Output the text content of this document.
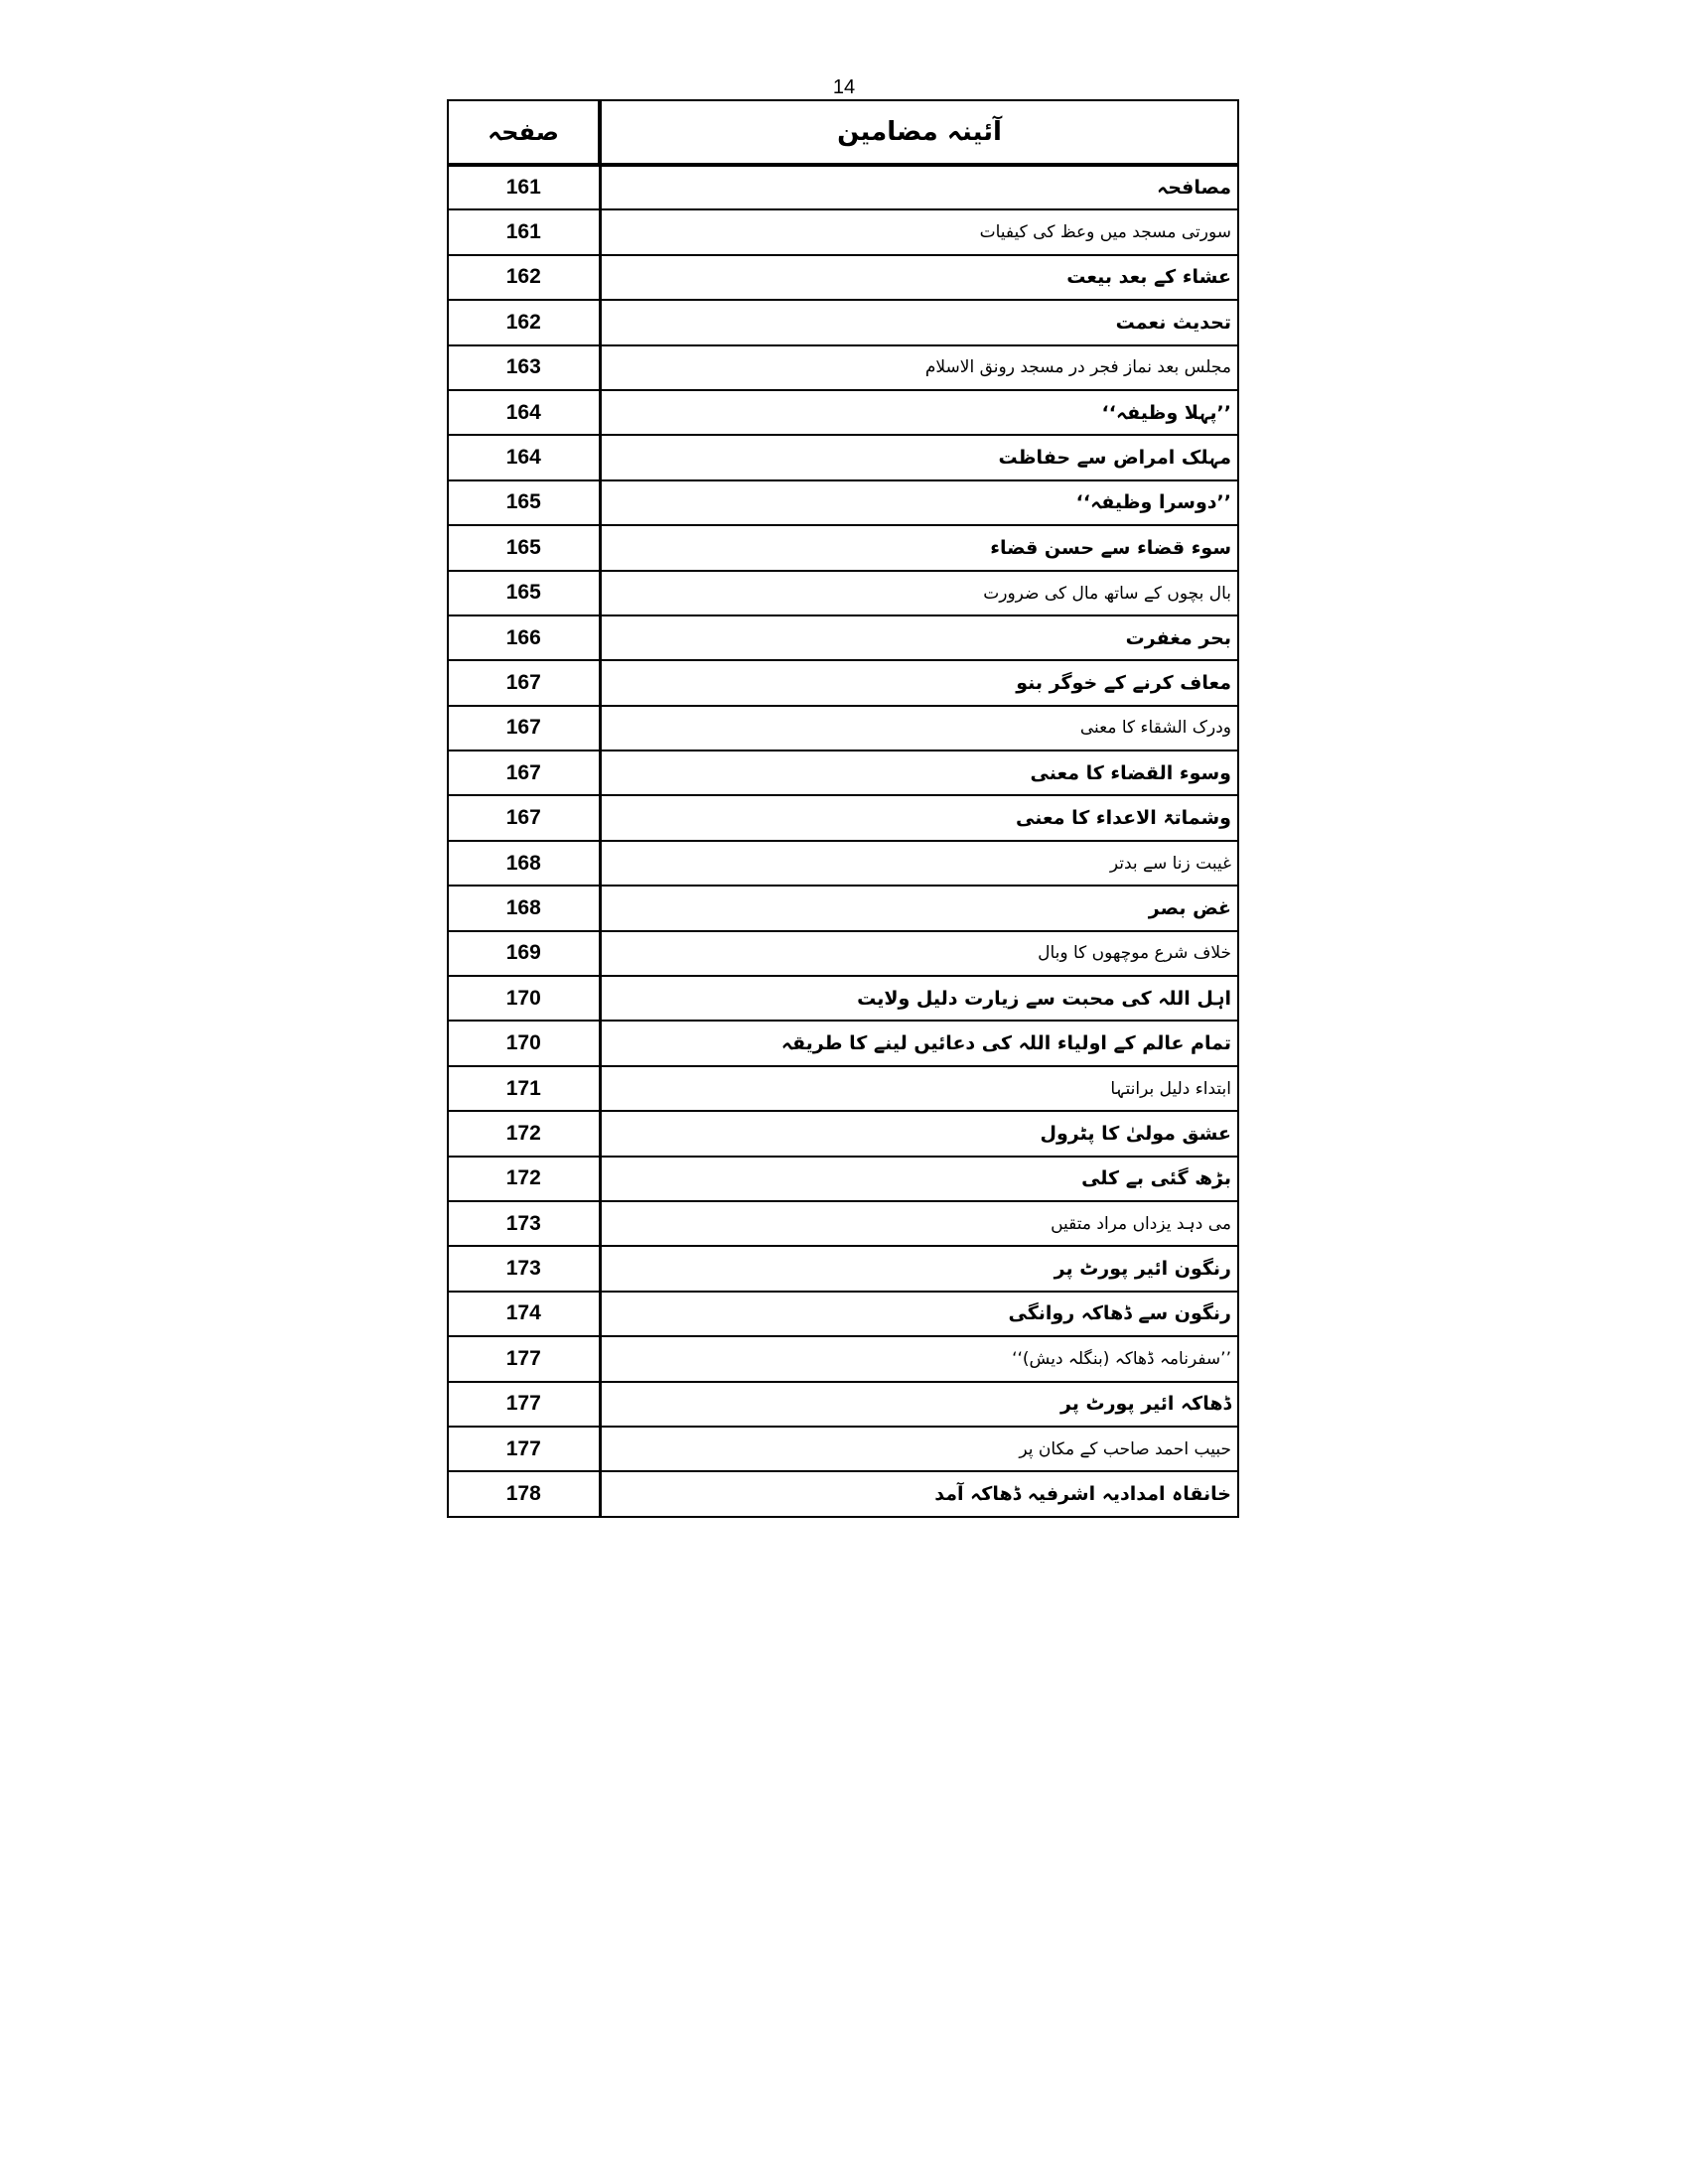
14
صفحہ	آئینہ مضامین
161	مصافحہ
161	سورتی مسجد میں وعظ کی کیفیات
162	عشاء کے بعد بیعت
162	تحدیث نعمت
163	مجلس بعد نماز فجر در مسجد رونق الاسلام
164	’’پہلا وظیفہ‘‘
164	مہلک امراض سے حفاظت
165	’’دوسرا وظیفہ‘‘
165	سوء قضاء سے حسن قضاء
165	بال بچوں کے ساتھ مال کی ضرورت
166	بحر مغفرت
167	معاف کرنے کے خوگر بنو
167	ودرک الشقاء کا معنی
167	وسوء القضاء کا معنی
167	وشماتۃ الاعداء کا معنی
168	غیبت زنا سے بدتر
168	غض بصر
169	خلاف شرع موچھوں کا وبال
170	اہل اللہ کی محبت سے زیارت دلیل ولایت
170	تمام عالم کے اولیاء اللہ کی دعائیں لینے کا طریقہ
171	ابتداء دلیل برانتہا
172	عشق مولیٰ کا پٹرول
172	بڑھ گئی بے کلی
173	می دہد یزداں مراد متقیں
173	رنگون ائیر پورٹ پر
174	رنگون سے ڈھاکہ روانگی
177	’’سفرنامہ ڈھاکہ (بنگلہ دیش)‘‘
177	ڈھاکہ ائیر پورٹ پر
177	حبیب احمد صاحب کے مکان پر
178	خانقاہ امدادیہ اشرفیہ ڈھاکہ آمد
